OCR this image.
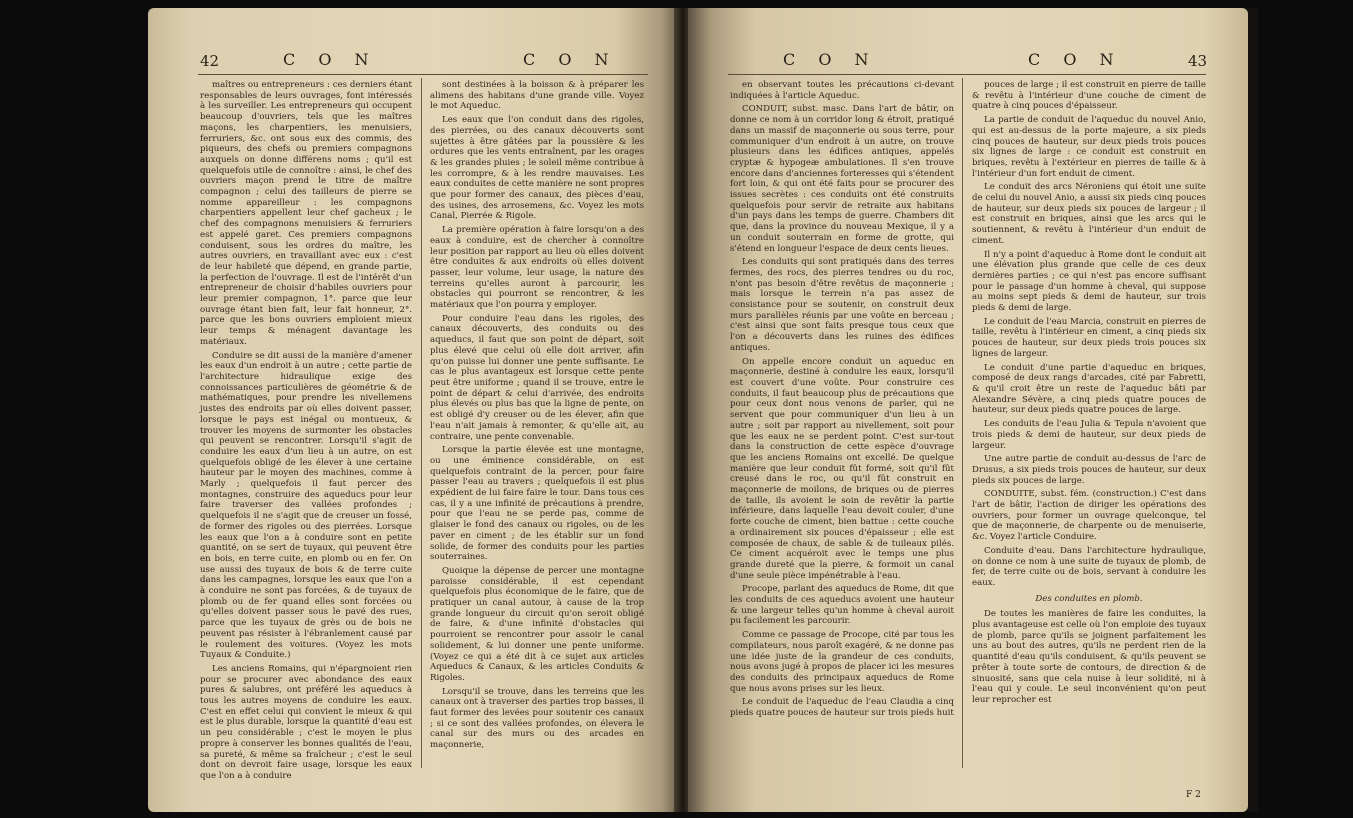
42	C O N	C O N

maîtres ou entrepreneurs : ces derniers étant responsables de leurs ouvrages, font intéressés à les surveiller. Les entrepreneurs qui occupent beaucoup d'ouvriers, tels que les maîtres maçons, les charpentiers, les menuisiers, ferruriers, &c. ont sous eux des commis, des piqueurs, des chefs ou premiers compagnons auxquels on donne différens noms ; qu'il est quelquefois utile de connoître : ainsi, le chef des ouvriers maçon prend le titre de maître compagnon ; celui des tailleurs de pierre se nomme appareilleur : les compagnons charpentiers appellent leur chef gacheux ; le chef des compagnons menuisiers & ferruriers est appelé garet. Ces premiers compagnons conduisent, sous les ordres du maître, les autres ouvriers, en travaillant avec eux : c'est de leur habileté que dépend, en grande partie, la perfection de l'ouvrage. Il est de l'intérêt d'un entrepreneur de choisir d'habiles ouvriers pour leur premier compagnon, 1°. parce que leur ouvrage étant bien fait, leur fait honneur, 2°. parce que les bons ouvriers emploient mieux leur temps & ménagent davantage les matériaux.

Conduire se dit aussi de la manière d'amener les eaux d'un endroit à un autre ; cette partie de l'architecture hidraulique exige des connoissances particulières de géométrie & de mathématiques, pour prendre les nivellemens justes des endroits par où elles doivent passer, lorsque le pays est inégal ou montueux, & trouver les moyens de surmonter les obstacles qui peuvent se rencontrer. Lorsqu'il s'agit de conduire les eaux d'un lieu à un autre, on est quelquefois obligé de les élever à une certaine hauteur par le moyen des machines, comme à Marly ; quelquefois il faut percer des montagnes, construire des aqueducs pour leur faire traverser des vallées profondes ; quelquefois il ne s'agit que de creuser un fossé, de former des rigoles ou des pierrées. Lorsque les eaux que l'on a à conduire sont en petite quantité, on se sert de tuyaux, qui peuvent être en bois, en terre cuite, en plomb ou en fer. On use aussi des tuyaux de bois & de terre cuite dans les campagnes, lorsque les eaux que l'on a à conduire ne sont pas forcées, & de tuyaux de plomb ou de fer quand elles sont forcées ou qu'elles doivent passer sous le pavé des rues, parce que les tuyaux de grès ou de bois ne peuvent pas résister à l'ébranlement causé par le roulement des voitures. (Voyez les mots Tuyaux & Conduite.)

Les anciens Romains, qui n'épargnoient rien pour se procurer avec abondance des eaux pures & salubres, ont préféré les aqueducs à tous les autres moyens de conduire les eaux. C'est en effet celui qui convient le mieux & qui est le plus durable, lorsque la quantité d'eau est un peu considérable ; c'est le moyen le plus propre à conserver les bonnes qualités de l'eau, sa pureté, & même sa fraîcheur ; c'est le seul dont on devroit faire usage, lorsque les eaux que l'on a à conduire

sont destinées à la boisson & à préparer les alimens des habitans d'une grande ville. Voyez le mot Aqueduc.

Les eaux que l'on conduit dans des rigoles, des pierrées, ou des canaux découverts sont sujettes à être gâtées par la poussière & les ordures que les vents entraînent, par les orages & les grandes pluies ; le soleil même contribue à les corrompre, & à les rendre mauvaises. Les eaux conduites de cette manière ne sont propres que pour former des canaux, des pièces d'eau, des usines, des arrosemens, &c. Voyez les mots Canal, Pierrée & Rigole.

La première opération à faire lorsqu'on a des eaux à conduire, est de chercher à connoître leur position par rapport au lieu où elles doivent être conduites & aux endroits où elles doivent passer, leur volume, leur usage, la nature des terreins qu'elles auront à parcourir, les obstacles qui pourront se rencontrer, & les matériaux que l'on pourra y employer.

Pour conduire l'eau dans les rigoles, des canaux découverts, des conduits ou des aqueducs, il faut que son point de départ, soit plus élevé que celui où elle doit arriver, afin qu'on puisse lui donner une pente suffisante. Le cas le plus avantageux est lorsque cette pente peut être uniforme ; quand il se trouve, entre le point de départ & celui d'arrivée, des endroits plus élevés ou plus bas que la ligne de pente, on est obligé d'y creuser ou de les élever, afin que l'eau n'ait jamais à remonter, & qu'elle ait, au contraire, une pente convenable.

Lorsque la partie élevée est une montagne, ou une éminence considérable, on est quelquefois contraint de la percer, pour faire passer l'eau au travers ; quelquefois il est plus expédient de lui faire faire le tour. Dans tous ces cas, il y a une infinité de précautions à prendre, pour que l'eau ne se perde pas, comme de glaiser le fond des canaux ou rigoles, ou de les paver en ciment ; de les établir sur un fond solide, de former des conduits pour les parties souterraines.

Quoique la dépense de percer une montagne paroisse considérable, il est cependant quelquefois plus économique de le faire, que de pratiquer un canal autour, à cause de la trop grande longueur du circuit qu'on seroit obligé de faire, & d'une infinité d'obstacles qui pourroient se rencontrer pour assoir le canal solidement, & lui donner une pente uniforme. (Voyez ce qui a été dit à ce sujet aux articles Aqueducs & Canaux, & les articles Conduits & Rigoles.

Lorsqu'il se trouve, dans les terreins que les canaux ont à traverser des parties trop basses, il faut former des levées pour soutenir ces canaux ; si ce sont des vallées profondes, on élevera le canal sur des murs ou des arcades en maçonnerie,

C O N	C O N	43

en observant toutes les précautions ci-devant indiquées à l'article Aqueduc.

CONDUIT, subst. masc. Dans l'art de bâtir, on donne ce nom à un corridor long & étroit, pratiqué dans un massif de maçonnerie ou sous terre, pour communiquer d'un endroit à un autre, on trouve plusieurs dans les édifices antiques, appelés cryptæ & hypogeæ ambulationes. Il s'en trouve encore dans d'anciennes forteresses qui s'étendent fort loin, & qui ont été faits pour se procurer des issues secrètes : ces conduits ont été construits quelquefois pour servir de retraite aux habitans d'un pays dans les temps de guerre. Chambers dit que, dans la province du nouveau Mexique, il y a un conduit souterrain en forme de grotte, qui s'étend en longueur l'espace de deux cents lieues.

Les conduits qui sont pratiqués dans des terres fermes, des rocs, des pierres tendres ou du roc, n'ont pas besoin d'être revêtus de maçonnerie ; mais lorsque le terrein n'a pas assez de consistance pour se soutenir, on construit deux murs parallèles réunis par une voûte en berceau ; c'est ainsi que sont faits presque tous ceux que l'on a découverts dans les ruines des édifices antiques.

On appelle encore conduit un aqueduc en maçonnerie, destiné à conduire les eaux, lorsqu'il est couvert d'une voûte. Pour construire ces conduits, il faut beaucoup plus de précautions que pour ceux dont nous venons de parler, qui ne servent que pour communiquer d'un lieu à un autre ; soit par rapport au nivellement, soit pour que les eaux ne se perdent point. C'est sur-tout dans la construction de cette espèce d'ouvrage que les anciens Romains ont excellé. De quelque manière que leur conduit fût formé, soit qu'il fût creusé dans le roc, ou qu'il fût construit en maçonnerie de moilons, de briques ou de pierres de taille, ils avoient le soin de revêtir la partie inférieure, dans laquelle l'eau devoit couler, d'une forte couche de ciment, bien battue : cette couche a ordinairement six pouces d'épaisseur ; elle est composée de chaux, de sable & de tuileaux pilés. Ce ciment acquéroit avec le temps une plus grande dureté que la pierre, & formoit un canal d'une seule pièce impénétrable à l'eau.

Procope, parlant des aqueducs de Rome, dit que les conduits de ces aqueducs avoient une hauteur & une largeur telles qu'un homme à cheval auroit pu facilement les parcourir.

Comme ce passage de Procope, cité par tous les compilateurs, nous paroît exagéré, & ne donne pas une idée juste de la grandeur de ces conduits, nous avons jugé à propos de placer ici les mesures des conduits des principaux aqueducs de Rome que nous avons prises sur les lieux.

Le conduit de l'aqueduc de l'eau Claudia a cinq pieds quatre pouces de hauteur sur trois pieds huit

pouces de large ; il est construit en pierre de taille & revêtu à l'intérieur d'une couche de ciment de quatre à cinq pouces d'épaisseur.

La partie de conduit de l'aqueduc du nouvel Anio, qui est au-dessus de la porte majeure, a six pieds cinq pouces de hauteur, sur deux pieds trois pouces six lignes de large : ce conduit est construit en briques, revêtu à l'extérieur en pierres de taille & à l'intérieur d'un fort enduit de ciment.

Le conduit des arcs Néroniens qui étoit une suite de celui du nouvel Anio, a aussi six pieds cinq pouces de hauteur, sur deux pieds six pouces de largeur ; il est construit en briques, ainsi que les arcs qui le soutiennent, & revêtu à l'intérieur d'un enduit de ciment.

Il n'y a point d'aqueduc à Rome dont le conduit ait une élévation plus grande que celle de ces deux dernières parties ; ce qui n'est pas encore suffisant pour le passage d'un homme à cheval, qui suppose au moins sept pieds & demi de hauteur, sur trois pieds & demi de large.

Le conduit de l'eau Marcia, construit en pierres de taille, revêtu à l'intérieur en ciment, a cinq pieds six pouces de hauteur, sur deux pieds trois pouces six lignes de largeur.

Le conduit d'une partie d'aqueduc en briques, composé de deux rangs d'arcades, cité par Fabretti, & qu'il croit être un reste de l'aqueduc bâti par Alexandre Sévère, a cinq pieds quatre pouces de hauteur, sur deux pieds quatre pouces de large.

Les conduits de l'eau Julia & Tepula n'avoient que trois pieds & demi de hauteur, sur deux pieds de largeur.

Une autre partie de conduit au-dessus de l'arc de Drusus, a six pieds trois pouces de hauteur, sur deux pieds six pouces de large.

CONDUITE, subst. fém. (construction.) C'est dans l'art de bâtir, l'action de diriger les opérations des ouvriers, pour former un ouvrage quelconque, tel que de maçonnerie, de charpente ou de menuiserie, &c. Voyez l'article Conduire.

Conduite d'eau. Dans l'architecture hydraulique, on donne ce nom à une suite de tuyaux de plomb, de fer, de terre cuite ou de bois, servant à conduire les eaux.

Des conduites en plomb.

De toutes les manières de faire les conduites, la plus avantageuse est celle où l'on emploie des tuyaux de plomb, parce qu'ils se joignent parfaitement les uns au bout des autres, qu'ils ne perdent rien de la quantité d'eau qu'ils conduisent, & qu'ils peuvent se prêter à toute sorte de contours, de direction & de sinuosité, sans que cela nuise à leur solidité, ni à l'eau qui y coule. Le seul inconvénient qu'on peut leur reprocher est

F 2
